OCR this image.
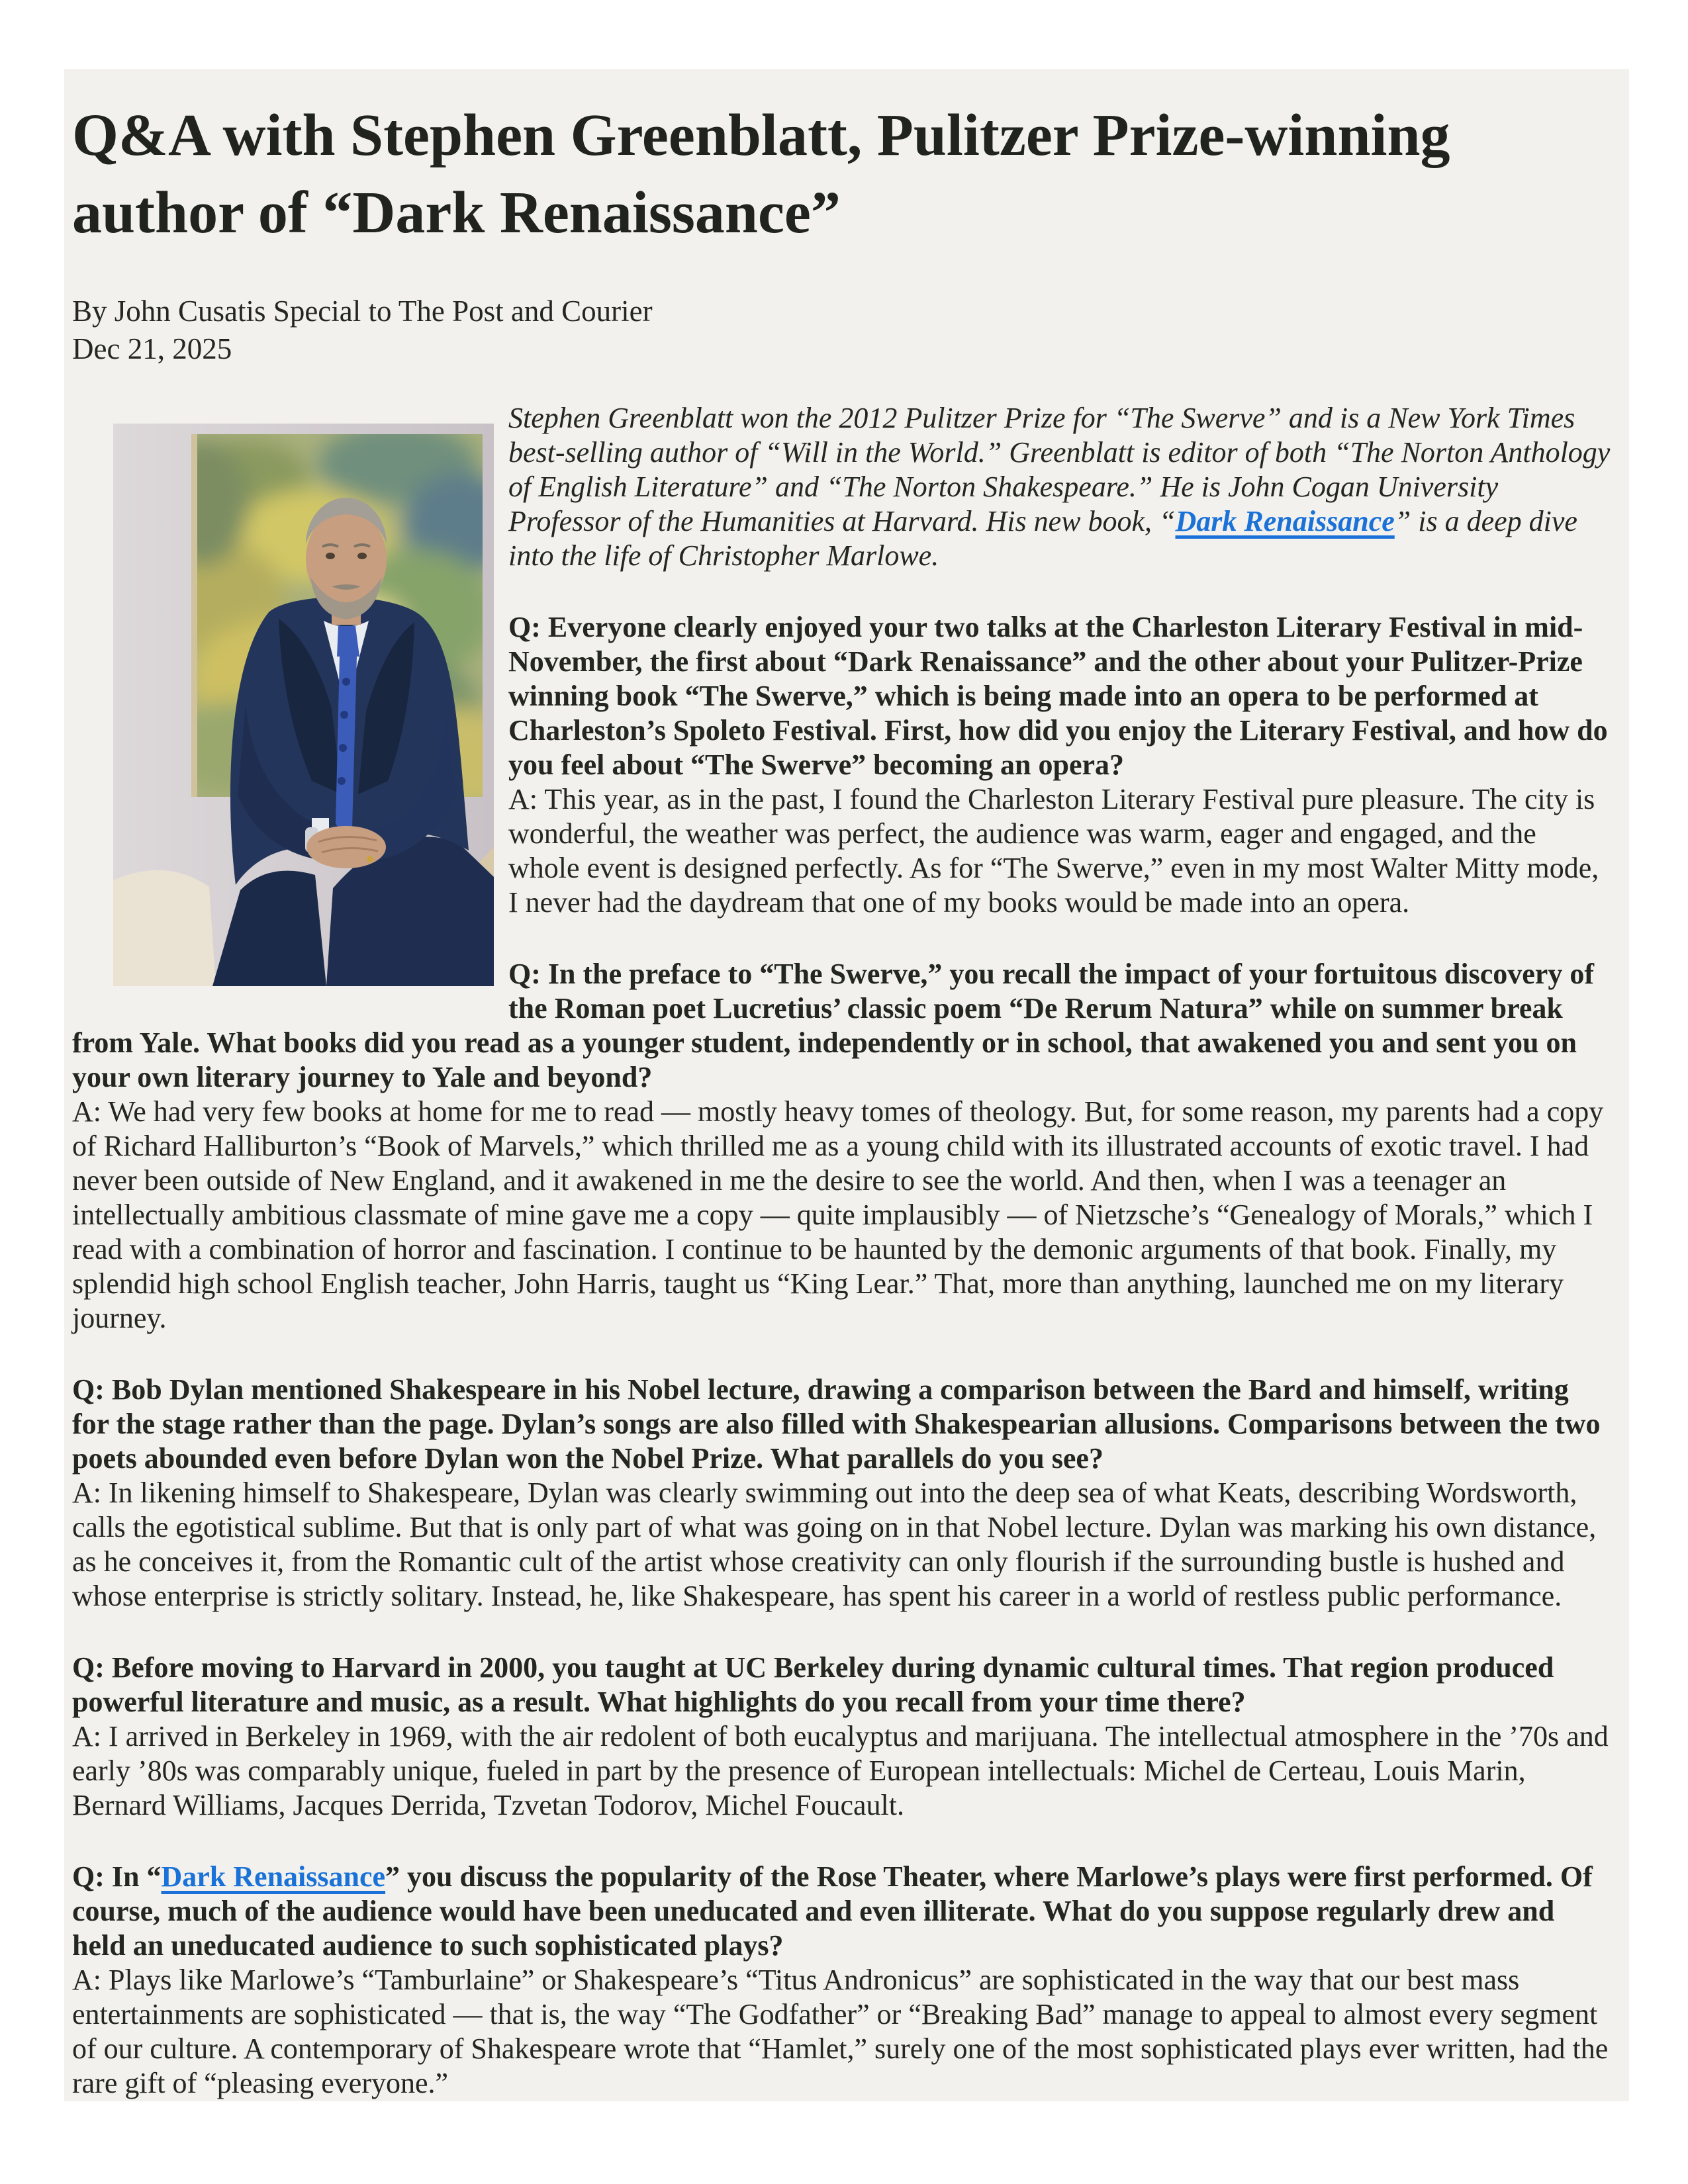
Q&A with Stephen Greenblatt, Pulitzer Prize-winning author of “Dark Renaissance”
By John Cusatis Special to The Post and Courier
Dec 21, 2025

Stephen Greenblatt won the 2012 Pulitzer Prize for “The Swerve” and is a New York Times best-selling author of “Will in the World.” Greenblatt is editor of both “The Norton Anthology of English Literature” and “The Norton Shakespeare.” He is John Cogan University Professor of the Humanities at Harvard. His new book, “Dark Renaissance” is a deep dive into the life of Christopher Marlowe.

Q: Everyone clearly enjoyed your two talks at the Charleston Literary Festival in mid-November, the first about “Dark Renaissance” and the other about your Pulitzer-Prize winning book “The Swerve,” which is being made into an opera to be performed at Charleston’s Spoleto Festival. First, how did you enjoy the Literary Festival, and how do you feel about “The Swerve” becoming an opera?

A: This year, as in the past, I found the Charleston Literary Festival pure pleasure. The city is wonderful, the weather was perfect, the audience was warm, eager and engaged, and the whole event is designed perfectly. As for “The Swerve,” even in my most Walter Mitty mode, I never had the daydream that one of my books would be made into an opera.

Q: In the preface to “The Swerve,” you recall the impact of your fortuitous discovery of the Roman poet Lucretius’ classic poem “De Rerum Natura” while on summer break from Yale. What books did you read as a younger student, independently or in school, that awakened you and sent you on your own literary journey to Yale and beyond?

A: We had very few books at home for me to read — mostly heavy tomes of theology. But, for some reason, my parents had a copy of Richard Halliburton’s “Book of Marvels,” which thrilled me as a young child with its illustrated accounts of exotic travel. I had never been outside of New England, and it awakened in me the desire to see the world. And then, when I was a teenager an intellectually ambitious classmate of mine gave me a copy — quite implausibly — of Nietzsche’s “Genealogy of Morals,” which I read with a combination of horror and fascination. I continue to be haunted by the demonic arguments of that book. Finally, my splendid high school English teacher, John Harris, taught us “King Lear.” That, more than anything, launched me on my literary journey.

Q: Bob Dylan mentioned Shakespeare in his Nobel lecture, drawing a comparison between the Bard and himself, writing for the stage rather than the page. Dylan’s songs are also filled with Shakespearian allusions. Comparisons between the two poets abounded even before Dylan won the Nobel Prize. What parallels do you see?

A: In likening himself to Shakespeare, Dylan was clearly swimming out into the deep sea of what Keats, describing Wordsworth, calls the egotistical sublime. But that is only part of what was going on in that Nobel lecture. Dylan was marking his own distance, as he conceives it, from the Romantic cult of the artist whose creativity can only flourish if the surrounding bustle is hushed and whose enterprise is strictly solitary. Instead, he, like Shakespeare, has spent his career in a world of restless public performance.

Q: Before moving to Harvard in 2000, you taught at UC Berkeley during dynamic cultural times. That region produced powerful literature and music, as a result. What highlights do you recall from your time there?

A: I arrived in Berkeley in 1969, with the air redolent of both eucalyptus and marijuana. The intellectual atmosphere in the ’70s and early ’80s was comparably unique, fueled in part by the presence of European intellectuals: Michel de Certeau, Louis Marin, Bernard Williams, Jacques Derrida, Tzvetan Todorov, Michel Foucault.

Q: In “Dark Renaissance” you discuss the popularity of the Rose Theater, where Marlowe’s plays were first performed. Of course, much of the audience would have been uneducated and even illiterate. What do you suppose regularly drew and held an uneducated audience to such sophisticated plays?

A: Plays like Marlowe’s “Tamburlaine” or Shakespeare’s “Titus Andronicus” are sophisticated in the way that our best mass entertainments are sophisticated — that is, the way “The Godfather” or “Breaking Bad” manage to appeal to almost every segment of our culture. A contemporary of Shakespeare wrote that “Hamlet,” surely one of the most sophisticated plays ever written, had the rare gift of “pleasing everyone.”
